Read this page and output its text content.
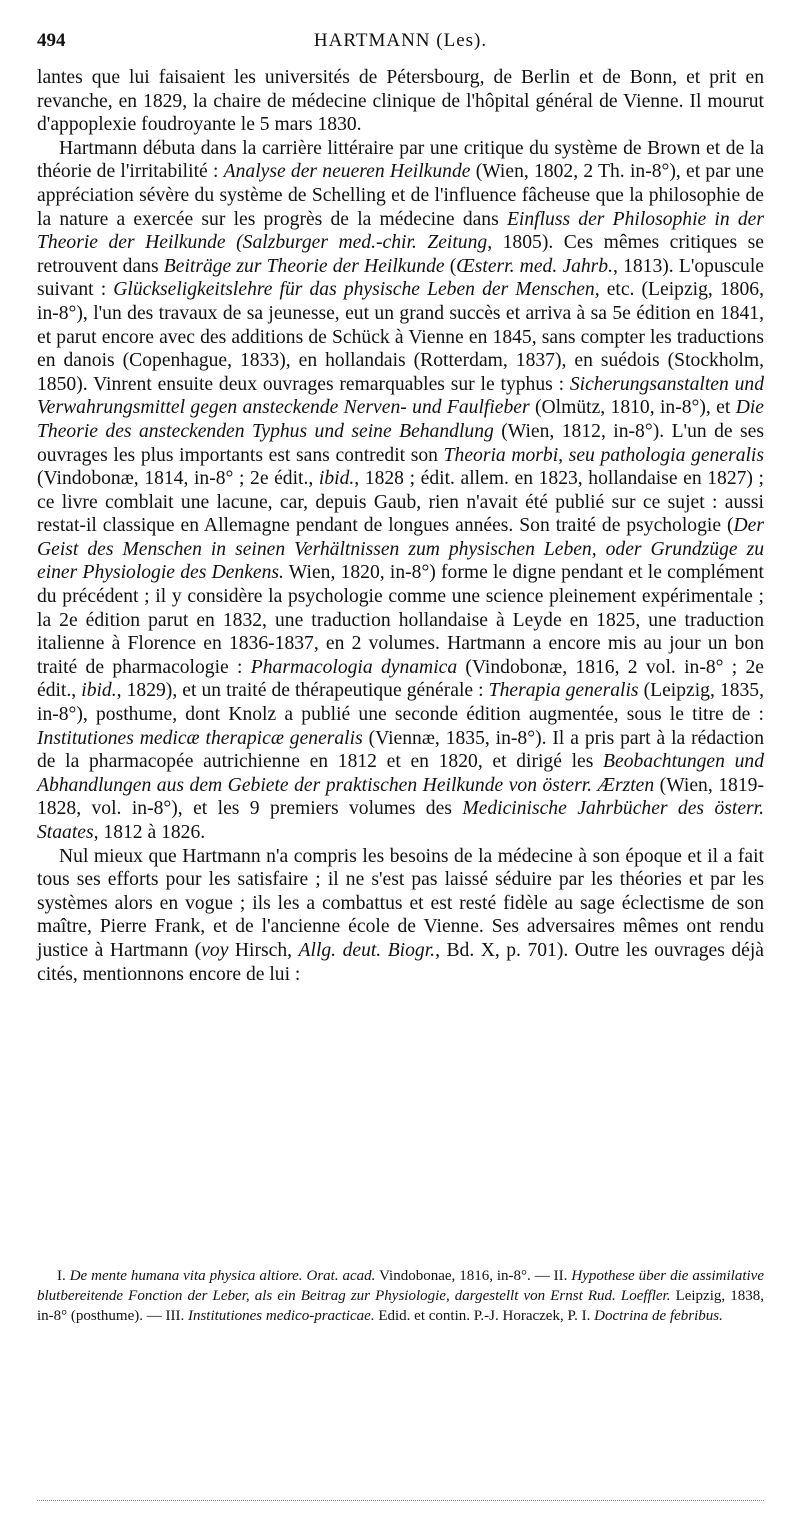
494	HARTMANN (Les).

lantes que lui faisaient les universités de Pétersbourg, de Berlin et de Bonn, et prit en revanche, en 1829, la chaire de médecine clinique de l'hôpital général de Vienne. Il mourut d'appoplexie foudroyante le 5 mars 1830.

Hartmann débuta dans la carrière littéraire par une critique du système de Brown et de la théorie de l'irritabilité : Analyse der neueren Heilkunde (Wien, 1802, 2 Th. in-8°), et par une appréciation sévère du système de Schelling et de l'influence fâcheuse que la philosophie de la nature a exercée sur les progrès de la médecine dans Einfluss der Philosophie in der Theorie der Heilkunde (Salzburger med.-chir. Zeitung, 1805). Ces mêmes critiques se retrouvent dans Beiträge zur Theorie der Heilkunde (Œsterr. med. Jahrb., 1813). L'opuscule suivant : Glückseligkeitslehre für das physische Leben der Menschen, etc. (Leipzig, 1806, in-8°), l'un des travaux de sa jeunesse, eut un grand succès et arriva à sa 5e édition en 1841, et parut encore avec des additions de Schück à Vienne en 1845, sans compter les traductions en danois (Copenhague, 1833), en hollandais (Rotterdam, 1837), en suédois (Stockholm, 1850). Vinrent ensuite deux ouvrages remarquables sur le typhus : Sicherungsanstalten und Verwahrungsmittel gegen ansteckende Nerven- und Faulfieber (Olmütz, 1810, in-8°), et Die Theorie des ansteckenden Typhus und seine Behandlung (Wien, 1812, in-8°). L'un de ses ouvrages les plus importants est sans contredit son Theoria morbi, seu pathologia generalis (Vindobonæ, 1814, in-8° ; 2e édit., ibid., 1828 ; édit. allem. en 1823, hollandaise en 1827) ; ce livre comblait une lacune, car, depuis Gaub, rien n'avait été publié sur ce sujet : aussi restat-il classique en Allemagne pendant de longues années. Son traité de psychologie (Der Geist des Menschen in seinen Verhältnissen zum physischen Leben, oder Grundzüge zu einer Physiologie des Denkens. Wien, 1820, in-8°) forme le digne pendant et le complément du précédent ; il y considère la psychologie comme une science pleinement expérimentale ; la 2e édition parut en 1832, une traduction hollandaise à Leyde en 1825, une traduction italienne à Florence en 1836-1837, en 2 volumes. Hartmann a encore mis au jour un bon traité de pharmacologie : Pharmacologia dynamica (Vindobonæ, 1816, 2 vol. in-8° ; 2e édit., ibid., 1829), et un traité de thérapeutique générale : Therapia generalis (Leipzig, 1835, in-8°), posthume, dont Knolz a publié une seconde édition augmentée, sous le titre de : Institutiones medicæ therapicæ generalis (Viennæ, 1835, in-8°). Il a pris part à la rédaction de la pharmacopée autrichienne en 1812 et en 1820, et dirigé les Beobachtungen und Abhandlungen aus dem Gebiete der praktischen Heilkunde von österr. Ærzten (Wien, 1819-1828, vol. in-8°), et les 9 premiers volumes des Medicinische Jahrbücher des österr. Staates, 1812 à 1826.

Nul mieux que Hartmann n'a compris les besoins de la médecine à son époque et il a fait tous ses efforts pour les satisfaire ; il ne s'est pas laissé séduire par les théories et par les systèmes alors en vogue ; ils les a combattus et est resté fidèle au sage éclectisme de son maître, Pierre Frank, et de l'ancienne école de Vienne. Ses adversaires mêmes ont rendu justice à Hartmann (voy Hirsch, Allg. deut. Biogr., Bd. X, p. 701). Outre les ouvrages déjà cités, mentionnons encore de lui :

I. De mente humana vita physica altiore. Orat. acad. Vindobonae, 1816, in-8°. — II. Hypothese über die assimilative blutbereitende Fonction der Leber, als ein Beitrag zur Physiologie, dargestellt von Ernst Rud. Loeffler. Leipzig, 1838, in-8° (posthume). — III. Institutiones medico-practicae. Edid. et contin. P.-J. Horaczek, P. I. Doctrina de febribus.
